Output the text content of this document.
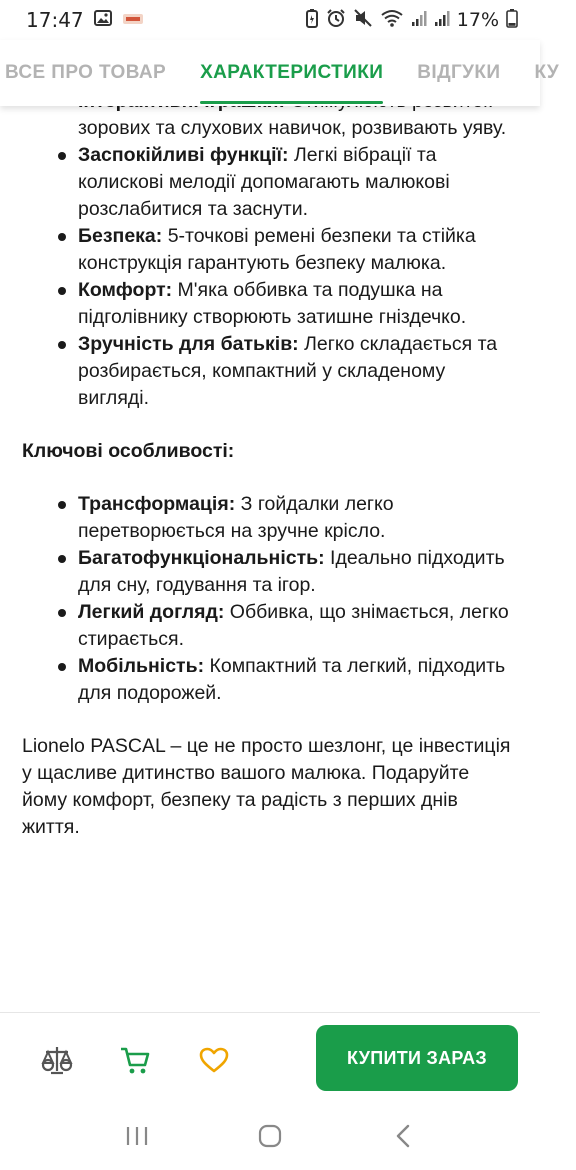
17:47	17%
ВСЕ ПРО ТОВАР	ХАРАКТЕРИСТИКИ	ВІДГУКИ	КУ
зорових та слухових навичок, розвивають уяву.
Заспокійливі функції: Легкі вібрації та колискові мелодії допомагають малюкові розслабитися та заснути.
Безпека: 5-точкові ремені безпеки та стійка конструкція гарантують безпеку малюка.
Комфорт: М'яка оббивка та подушка на підголівнику створюють затишне гніздечко.
Зручність для батьків: Легко складається та розбирається, компактний у складеному вигляді.
Ключові особливості:
Трансформація: З гойдалки легко перетворюється на зручне крісло.
Багатофункціональність: Ідеально підходить для сну, годування та ігор.
Легкий догляд: Оббивка, що знімається, легко стирається.
Мобільність: Компактний та легкий, підходить для подорожей.

Lionelo PASCAL – це не просто шезлонг, це інвестиція у щасливе дитинство вашого малюка. Подаруйте йому комфорт, безпеку та радість з перших днів життя.

КУПИТИ ЗАРАЗ
